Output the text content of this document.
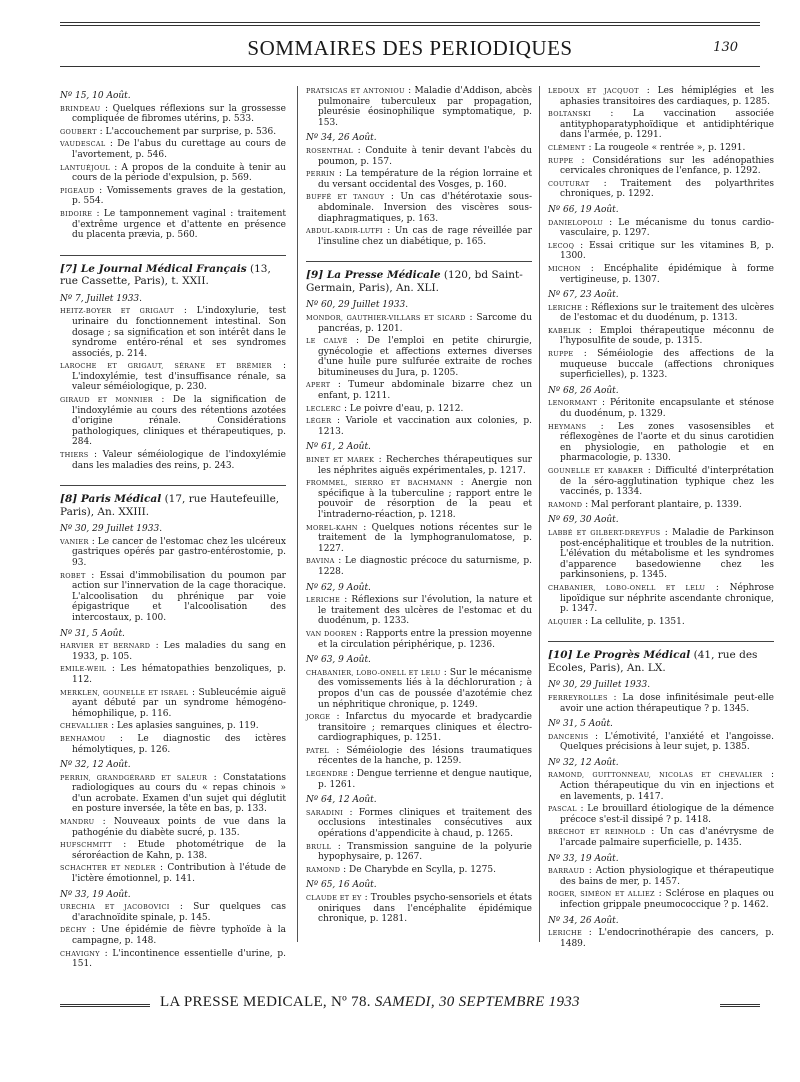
SOMMAIRES DES PERIODIQUES	130
Nº 15, 10 Août.
BRINDEAU : Quelques réflexions sur la grossesse compliquée de fibromes utérins, p. 533.
GOUBERT : L'accouchement par surprise, p. 536.
VAUDESCAL : De l'abus du curettage au cours de l'avortement, p. 546.
LANTUÉJOUL : A propos de la conduite à tenir au cours de la période d'expulsion, p. 569.
PIGEAUD : Vomissements graves de la gestation, p. 554.
BIDOIRE : Le tamponnement vaginal : traitement d'extrême urgence et d'attente en présence du placenta prævia, p. 560.
[7] Le Journal Médical Français (13, rue Cassette, Paris), t. XXII.
Nº 7, Juillet 1933.
HEITZ-BOYER ET GRIGAUT : L'indoxylurie, test urinaire du fonctionnement intestinal. Son dosage ; sa signification et son intérêt dans le syndrome entéro-rénal et ses syndromes associés, p. 214.
LAROCHE ET GRIGAUT, SÉRANE ET BRÉMIER : L'indoxylémie, test d'insuffisance rénale, sa valeur séméiologique, p. 230.
GIRAUD ET MONNIER : De la signification de l'indoxylémie au cours des rétentions azotées d'origine rénale. Considérations pathologiques, cliniques et thérapeutiques, p. 284.
THIERS : Valeur séméiologique de l'indoxylémie dans les maladies des reins, p. 243.
[8] Paris Médical (17, rue Hautefeuille, Paris), An. XXIII.
Nº 30, 29 Juillet 1933.
VANIER : Le cancer de l'estomac chez les ulcéreux gastriques opérés par gastro-entérostomie, p. 93.
ROBET : Essai d'immobilisation du poumon par action sur l'innervation de la cage thoracique. L'alcoolisation du phrénique par voie épigastrique et l'alcoolisation des intercostaux, p. 100.
Nº 31, 5 Août.
HARVIER ET BERNARD : Les maladies du sang en 1933, p. 105.
EMILE-WEIL : Les hématopathies benzoliques, p. 112.
MERKLEN, GOUNELLE ET ISRAEL : Subleucémie aiguë ayant débuté par un syndrome hémogéno-hémophilique, p. 116.
CHEVALLIER : Les aplasies sanguines, p. 119.
BENHAMOU : Le diagnostic des ictères hémolytiques, p. 126.
Nº 32, 12 Août.
PERRIN, GRANDGÉRARD ET SALEUR : Constatations radiologiques au cours du « repas chinois » d'un acrobate. Examen d'un sujet qui déglutit en posture inversée, la tête en bas, p. 133.
MANDRU : Nouveaux points de vue dans la pathogénie du diabète sucré, p. 135.
HUFSCHMITT : Etude photométrique de la séroréaction de Kahn, p. 138.
SCHACHTER ET NEDLER : Contribution à l'étude de l'ictère émotionnel, p. 141.
Nº 33, 19 Août.
URECHIA ET JACOBOVICI : Sur quelques cas d'arachnoïdite spinale, p. 145.
DÉCHY : Une épidémie de fièvre typhoïde à la campagne, p. 148.
CHAVIGNY : L'incontinence essentielle d'urine, p. 151.
PRATSICAS ET ANTONIOU : Maladie d'Addison, abcès pulmonaire tuberculeux par propagation, pleurésie éosinophilique symptomatique, p. 153.
Nº 34, 26 Août.
ROSENTHAL : Conduite à tenir devant l'abcès du poumon, p. 157.
PERRIN : La température de la région lorraine et du versant occidental des Vosges, p. 160.
BUFFÉ ET TANGUY : Un cas d'hétérotaxie sous-abdominale. Inversion des viscères sous-diaphragmatiques, p. 163.
ABDUL-KADIR-LUTFI : Un cas de rage réveillée par l'insuline chez un diabétique, p. 165.
[9] La Presse Médicale (120, bd Saint-Germain, Paris), An. XLI.
Nº 60, 29 Juillet 1933.
MONDOR, GAUTHIER-VILLARS ET SICARD : Sarcome du pancréas, p. 1201.
LE CALVÉ : De l'emploi en petite chirurgie, gynécologie et affections externes diverses d'une huile pure sulfurée extraite de roches bitumineuses du Jura, p. 1205.
APERT : Tumeur abdominale bizarre chez un enfant, p. 1211.
LECLERC : Le poivre d'eau, p. 1212.
LÉGER : Variole et vaccination aux colonies, p. 1213.
Nº 61, 2 Août.
BINET ET MAREK : Recherches thérapeutiques sur les néphrites aiguës expérimentales, p. 1217.
FROMMEL, SIERRO ET BACHMANN : Anergie non spécifique à la tuberculine ; rapport entre le pouvoir de résorption de la peau et l'intraderno-réaction, p. 1218.
MOREL-KAHN : Quelques notions récentes sur le traitement de la lymphogranulomatose, p. 1227.
BAVINA : Le diagnostic précoce du saturnisme, p. 1228.
Nº 62, 9 Août.
LERICHE : Réflexions sur l'évolution, la nature et le traitement des ulcères de l'estomac et du duodénum, p. 1233.
VAN DOOREN : Rapports entre la pression moyenne et la circulation périphérique, p. 1236.
Nº 63, 9 Août.
CHABANIER, LOBO-ONELL ET LELU : Sur le mécanisme des vomissements liés à la déchloruration ; à propos d'un cas de poussée d'azotémie chez un néphritique chronique, p. 1249.
JORGE : Infarctus du myocarde et bradycardie transitoire ; remarques cliniques et électro-cardiographiques, p. 1251.
PATEL : Séméiologie des lésions traumatiques récentes de la hanche, p. 1259.
LEGENDRE : Dengue terrienne et dengue nautique, p. 1261.
Nº 64, 12 Août.
SARADINI : Formes cliniques et traitement des occlusions intestinales consécutives aux opérations d'appendicite à chaud, p. 1265.
BRULL : Transmission sanguine de la polyurie hypophysaire, p. 1267.
RAMOND : De Charybde en Scylla, p. 1275.
Nº 65, 16 Août.
CLAUDE ET EY : Troubles psycho-sensoriels et états oniriques dans l'encéphalite épidémique chronique, p. 1281.
LEDOUX ET JACQUOT : Les hémiplégies et les aphasies transitoires des cardiaques, p. 1285.
BOLTANSKI : La vaccination associée antityphoparatyphoïdique et antidiphtérique dans l'armée, p. 1291.
CLÉMENT : La rougeole « rentrée », p. 1291.
RUPPE : Considérations sur les adénopathies cervicales chroniques de l'enfance, p. 1292.
COUTURAT : Traitement des polyarthrites chroniques, p. 1292.
Nº 66, 19 Août.
DANIELOPOLU : Le mécanisme du tonus cardio-vasculaire, p. 1297.
LECOQ : Essai critique sur les vitamines B, p. 1300.
MICHON : Encéphalite épidémique à forme vertigineuse, p. 1307.
Nº 67, 23 Août.
LERICHE : Réflexions sur le traitement des ulcères de l'estomac et du duodénum, p. 1313.
KABELIK : Emploi thérapeutique méconnu de l'hyposulfite de soude, p. 1315.
RUPPE : Séméiologie des affections de la muqueuse buccale (affections chroniques superficielles), p. 1323.
Nº 68, 26 Août.
LENORMANT : Péritonite encapsulante et sténose du duodénum, p. 1329.
HEYMANS : Les zones vasosensibles et réflexogènes de l'aorte et du sinus carotidien en physiologie, en pathologie et en pharmacologie, p. 1330.
GOUNELLE ET KABAKER : Difficulté d'interprétation de la séro-agglutination typhique chez les vaccinés, p. 1334.
RAMOND : Mal perforant plantaire, p. 1339.
Nº 69, 30 Août.
LABBÉ ET GILBERT-DREYFUS : Maladie de Parkinson post-encéphalitique et troubles de la nutrition. L'élévation du métabolisme et les syndromes d'apparence basedowienne chez les parkinsoniens, p. 1345.
CHABANIER, LOBO-ONELL ET LELU : Néphrose lipoïdique sur néphrite ascendante chronique, p. 1347.
ALQUIER : La cellulite, p. 1351.
[10] Le Progrès Médical (41, rue des Ecoles, Paris), An. LX.
Nº 30, 29 Juillet 1933.
FERREYROLLES : La dose infinitésimale peut-elle avoir une action thérapeutique ? p. 1345.
Nº 31, 5 Août.
DANCENIS : L'émotivité, l'anxiété et l'angoisse. Quelques précisions à leur sujet, p. 1385.
Nº 32, 12 Août.
RAMOND, GUITTONNEAU, NICOLAS ET CHEVALIER : Action thérapeutique du vin en injections et en lavements, p. 1417.
PASCAL : Le brouillard étiologique de la démence précoce s'est-il dissipé ? p. 1418.
BRÉCHOT ET REINHOLD : Un cas d'anévrysme de l'arcade palmaire superficielle, p. 1435.
Nº 33, 19 Août.
BARRAUD : Action physiologique et thérapeutique des bains de mer, p. 1457.
ROGER, SIMÉON ET ALLIEZ : Sclérose en plaques ou infection grippale pneumococcique ? p. 1462.
Nº 34, 26 Août.
LERICHE : L'endocrinothérapie des cancers, p. 1489.
LA PRESSE MEDICALE, Nº 78. SAMEDI, 30 SEPTEMBRE 1933
